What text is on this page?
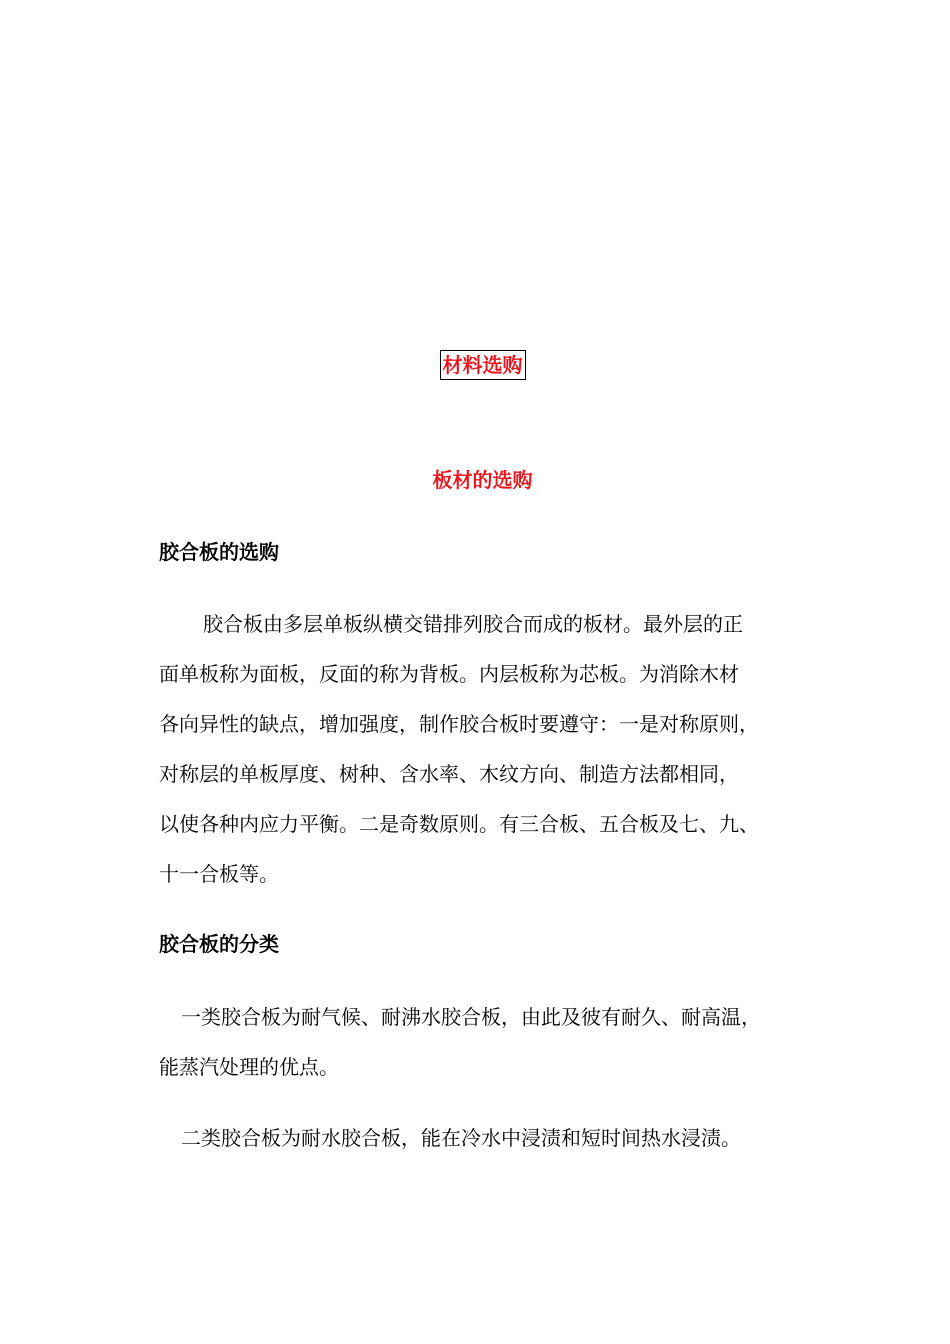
材料选购
板材的选购
胶合板的选购
胶合板由多层单板纵横交错排列胶合而成的板材。最外层的正
面单板称为面板，反面的称为背板。内层板称为芯板。为消除木材
各向异性的缺点，增加强度，制作胶合板时要遵守：一是对称原则，
对称层的单板厚度、树种、含水率、木纹方向、制造方法都相同，
以使各种内应力平衡。二是奇数原则。有三合板、五合板及七、九、
十一合板等。
胶合板的分类
一类胶合板为耐气候、耐沸水胶合板，由此及彼有耐久、耐高温，
能蒸汽处理的优点。
二类胶合板为耐水胶合板，能在冷水中浸渍和短时间热水浸渍。
